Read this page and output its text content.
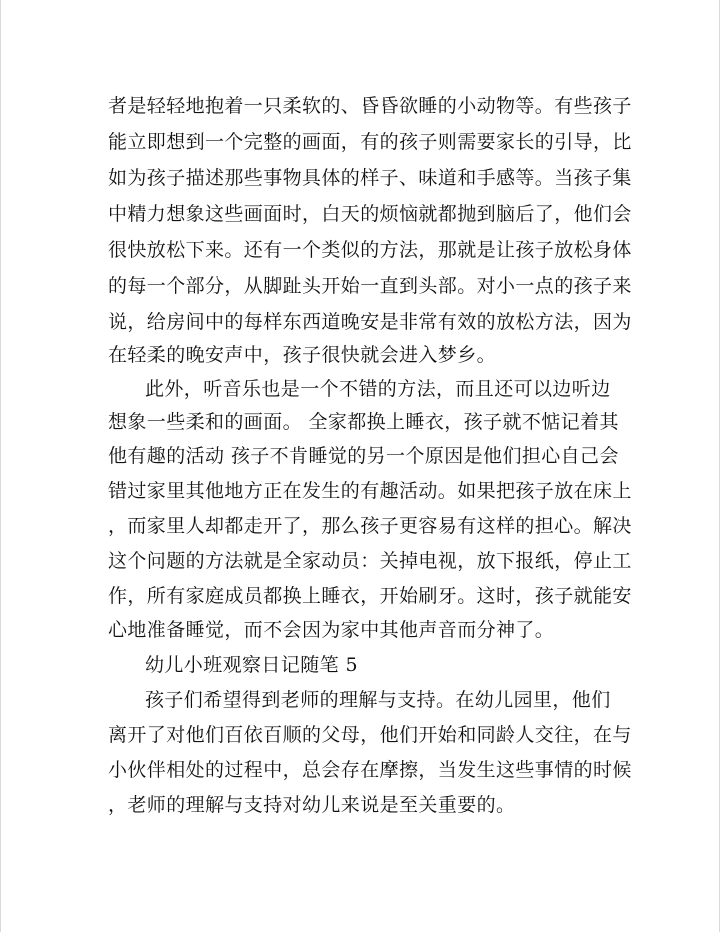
者是轻轻地抱着一只柔软的、昏昏欲睡的小动物等。有些孩子
能立即想到一个完整的画面，有的孩子则需要家长的引导，比
如为孩子描述那些事物具体的样子、味道和手感等。当孩子集
中精力想象这些画面时，白天的烦恼就都抛到脑后了，他们会
很快放松下来。还有一个类似的方法，那就是让孩子放松身体
的每一个部分，从脚趾头开始一直到头部。对小一点的孩子来
说，给房间中的每样东西道晚安是非常有效的放松方法，因为
在轻柔的晚安声中，孩子很快就会进入梦乡。
此外，听音乐也是一个不错的方法，而且还可以边听边
想象一些柔和的画面。 全家都换上睡衣，孩子就不惦记着其
他有趣的活动 孩子不肯睡觉的另一个原因是他们担心自己会
错过家里其他地方正在发生的有趣活动。如果把孩子放在床上
，而家里人却都走开了，那么孩子更容易有这样的担心。解决
这个问题的方法就是全家动员：关掉电视，放下报纸，停止工
作，所有家庭成员都换上睡衣，开始刷牙。这时，孩子就能安
心地准备睡觉，而不会因为家中其他声音而分神了。
幼儿小班观察日记随笔 5
孩子们希望得到老师的理解与支持。在幼儿园里，他们
离开了对他们百依百顺的父母，他们开始和同龄人交往，在与
小伙伴相处的过程中，总会存在摩擦，当发生这些事情的时候
，老师的理解与支持对幼儿来说是至关重要的。
